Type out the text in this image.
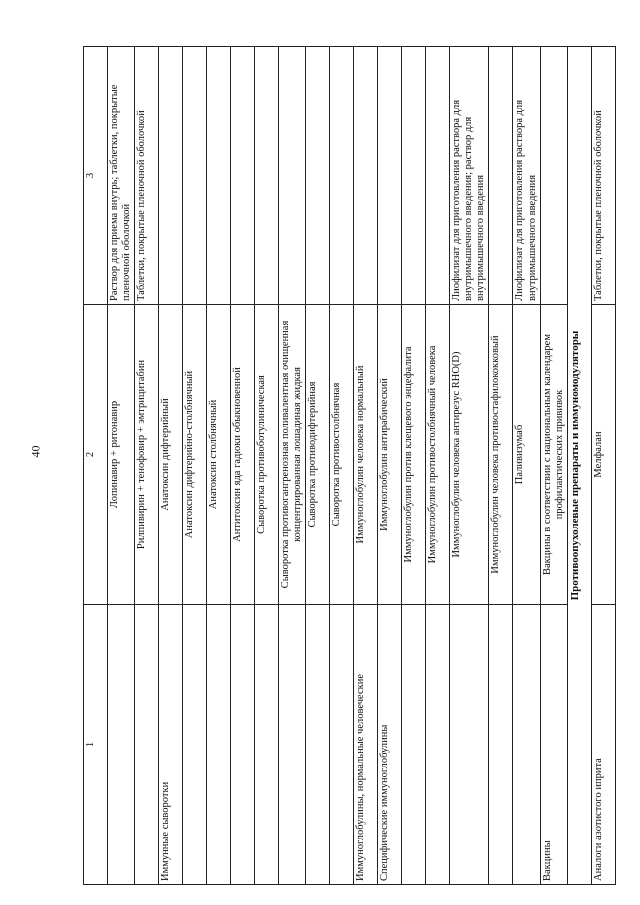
40
1	2	3
	Лопинавир + ритонавир	Раствор для приема внутрь; таблетки, покрытые пленочной оболочкой
	Рилпивирин + тенофовир + эмтрицитабин	Таблетки, покрытые пленочной оболочкой
Иммунные сыворотки	Анатоксин дифтерийный	
	Анатоксин дифтерийно-столбнячный	
	Анатоксин столбнячный	
	Антитоксин яда гадюки обыкновенной	
	Сыворотка противоботулиническая	
	Сыворотка противогангренозная поливалентная очищенная концентрированная лошадиная жидкая	
	Сыворотка противодифтерийная	
	Сыворотка противостолбнячная	
Иммуноглобулины, нормальные человеческие	Иммуноглобулин человека нормальный	
Специфические иммуноглобулины	Иммуноглобулин антирабический	
	Иммуноглобулин против клещевого энцефалита	
	Иммуноглобулин противостолбнячный человека	
	Иммуноглобулин человека антирезус RHO(D)	Лиофилизат для приготовления раствора для внутримышечного введения; раствор для внутримышечного введения
	Иммуноглобулин человека противостафилококковый	
	Паливизумаб	Лиофилизат для приготовления раствора для внутримышечного введения
Вакцины	Вакцины в соответствии с национальным календарем профилактических прививок	
Противоопухолевые препараты и иммуномодуляторы		
Аналоги азотистого иприта	Мелфалан	Таблетки, покрытые пленочной оболочкой
